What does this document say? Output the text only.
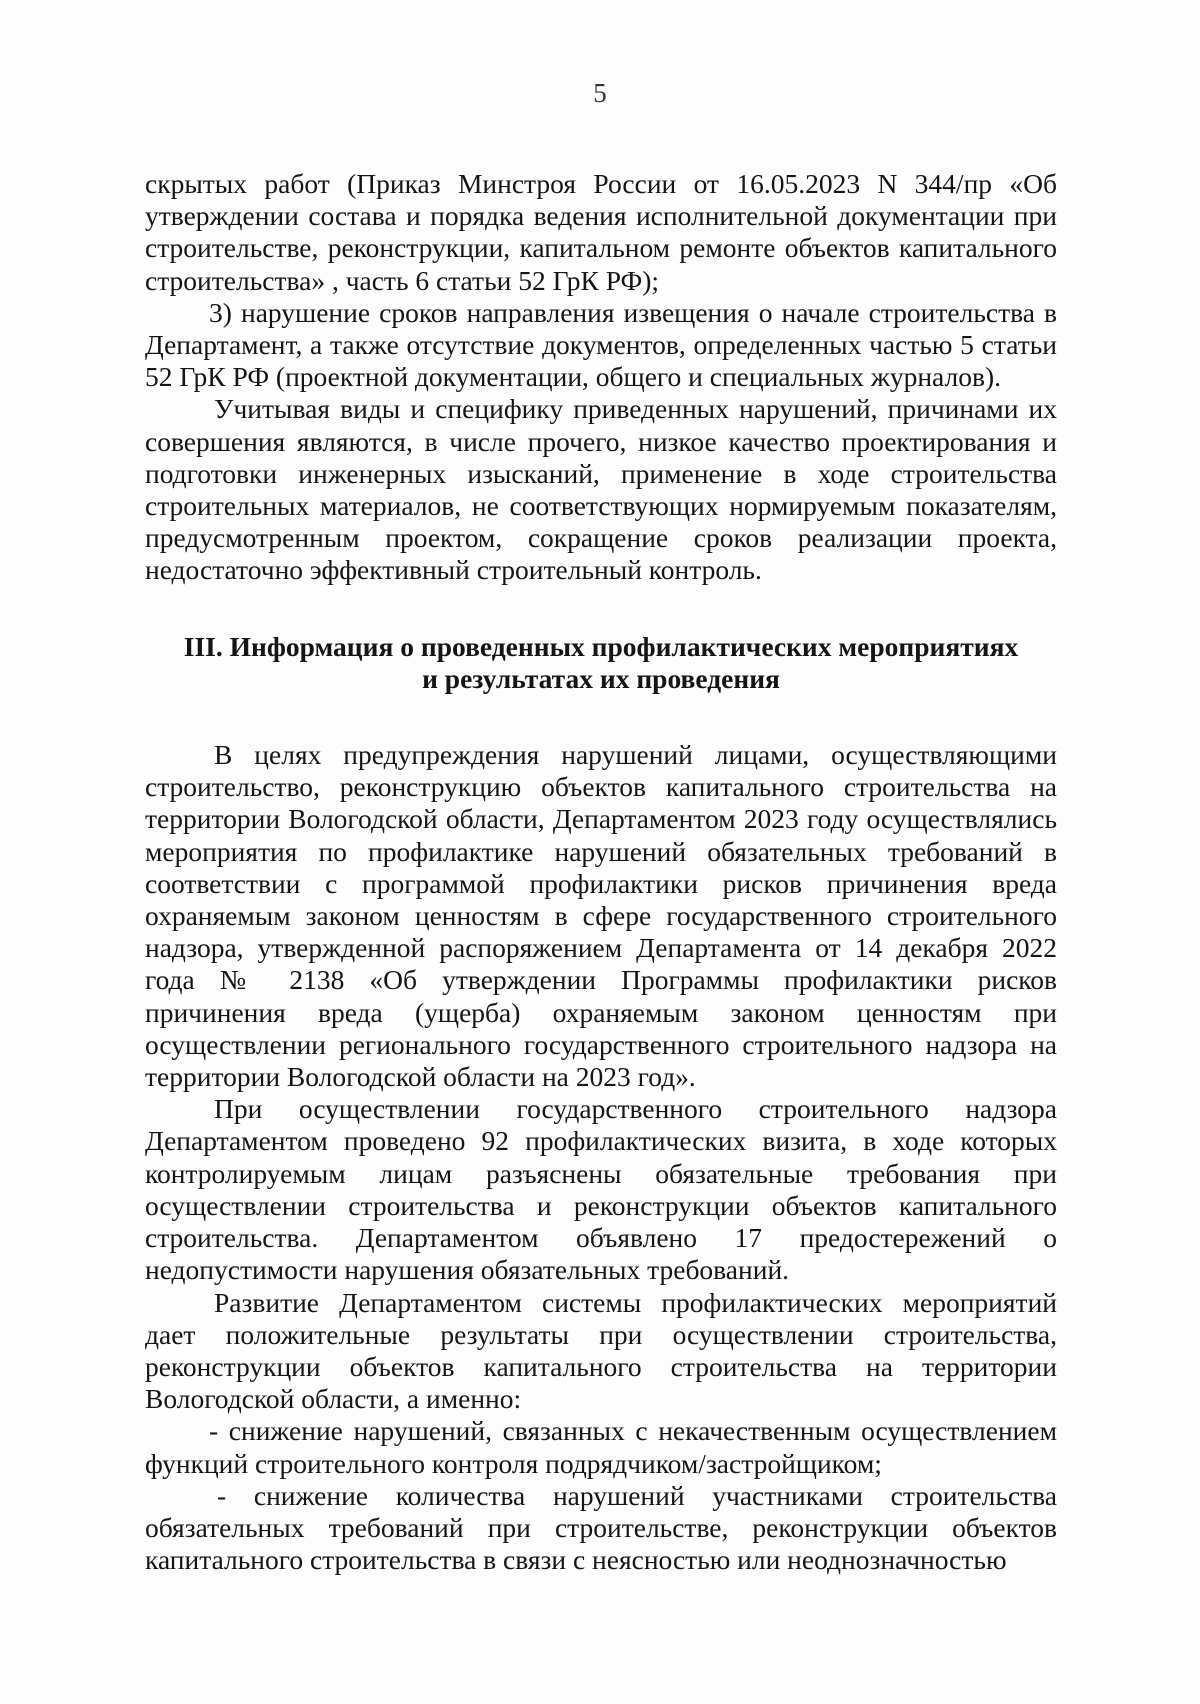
5

скрытых работ (Приказ Минстроя России от 16.05.2023 N 344/пр «Об утверждении состава и порядка ведения исполнительной документации при строительстве, реконструкции, капитальном ремонте объектов капитального строительства» , часть 6 статьи 52 ГрК РФ);

3) нарушение сроков направления извещения о начале строительства в Департамент, а также отсутствие документов, определенных частью 5 статьи 52 ГрК РФ (проектной документации, общего и специальных журналов).

Учитывая виды и специфику приведенных нарушений, причинами их совершения являются, в числе прочего, низкое качество проектирования и подготовки инженерных изысканий, применение в ходе строительства строительных материалов, не соответствующих нормируемым показателям, предусмотренным проектом, сокращение сроков реализации проекта, недостаточно эффективный строительный контроль.

III. Информация о проведенных профилактических мероприятиях
и результатах их проведения

В целях предупреждения нарушений лицами, осуществляющими строительство, реконструкцию объектов капитального строительства на территории Вологодской области, Департаментом 2023 году осуществлялись мероприятия по профилактике нарушений обязательных требований в соответствии с программой профилактики рисков причинения вреда охраняемым законом ценностям в сфере государственного строительного надзора, утвержденной распоряжением Департамента от 14 декабря 2022 года № 2138 «Об утверждении Программы профилактики рисков причинения вреда (ущерба) охраняемым законом ценностям при осуществлении регионального государственного строительного надзора на территории Вологодской области на 2023 год».

При осуществлении государственного строительного надзора Департаментом проведено 92 профилактических визита, в ходе которых контролируемым лицам разъяснены обязательные требования при осуществлении строительства и реконструкции объектов капитального строительства. Департаментом объявлено 17 предостережений о недопустимости нарушения обязательных требований.

Развитие Департаментом системы профилактических мероприятий дает положительные результаты при осуществлении строительства, реконструкции объектов капитального строительства на территории Вологодской области, а именно:

- снижение нарушений, связанных с некачественным осуществлением функций строительного контроля подрядчиком/застройщиком;

- снижение количества нарушений участниками строительства обязательных требований при строительстве, реконструкции объектов капитального строительства в связи с неясностью или неоднозначностью
